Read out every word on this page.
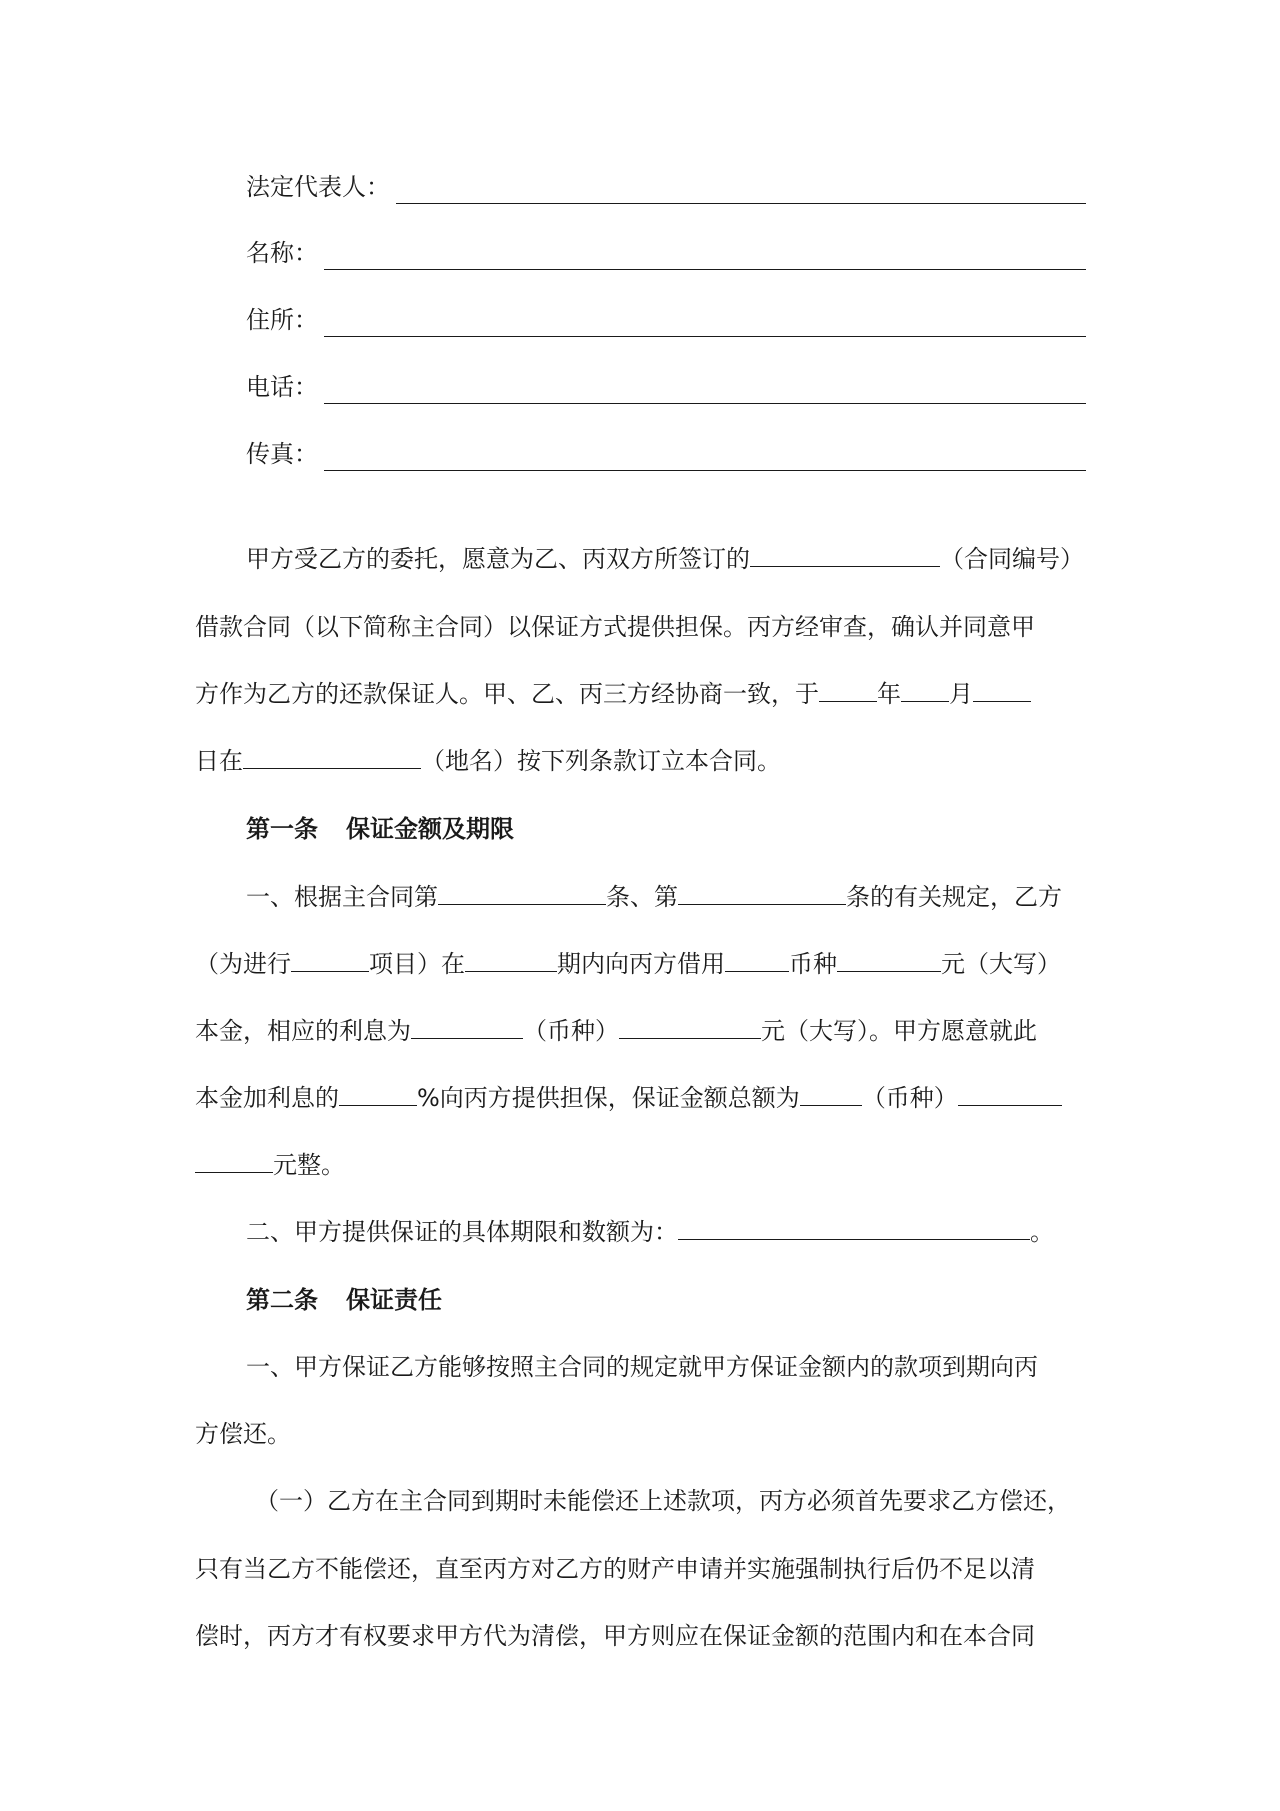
法定代表人：
名称：
住所：
电话：
传真：
甲方受乙方的委托，愿意为乙、丙双方所签订的	（合同编号）
借款合同（以下简称主合同）以保证方式提供担保。丙方经审查，确认并同意甲
方作为乙方的还款保证人。甲、乙、丙三方经协商一致，于 年 月
日在	（地名）按下列条款订立本合同。
第一条 保证金额及期限
一、根据主合同第	条、第	条的有关规定，乙方
（为进行	项目）在	期内向丙方借用	币种	元（大写）
本金，相应的利息为	（币种）	元（大写）。甲方愿意就此
本金加利息的	%向丙方提供担保，保证金额总额为	（币种）
元整。
二、甲方提供保证的具体期限和数额为：	。
第二条 保证责任
一、甲方保证乙方能够按照主合同的规定就甲方保证金额内的款项到期向丙
方偿还。
（一）乙方在主合同到期时未能偿还上述款项，丙方必须首先要求乙方偿还，
只有当乙方不能偿还，直至丙方对乙方的财产申请并实施强制执行后仍不足以清
偿时，丙方才有权要求甲方代为清偿，甲方则应在保证金额的范围内和在本合同
